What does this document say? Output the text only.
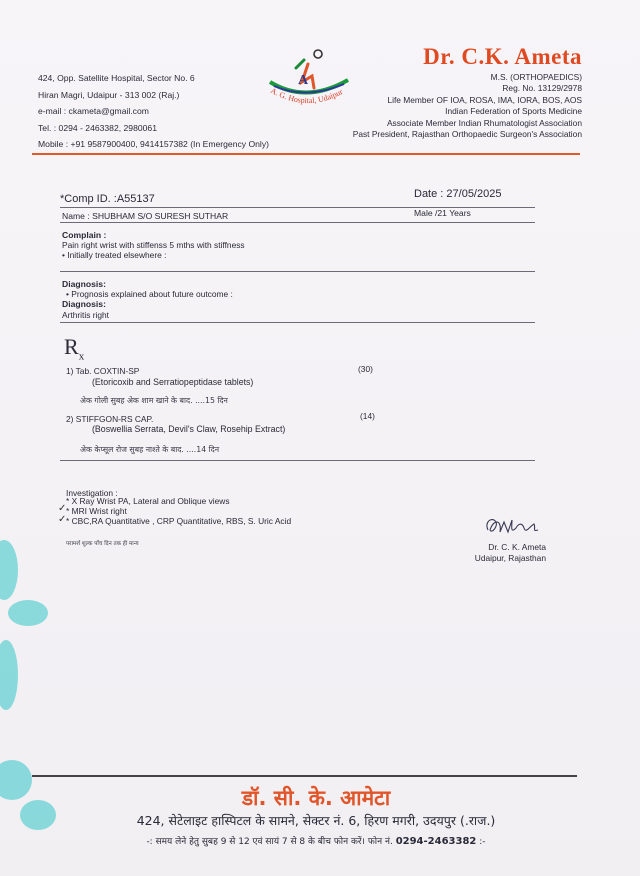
424, Opp. Satellite Hospital, Sector No. 6
Hiran Magri, Udaipur - 313 002 (Raj.)
e-mail : ckameta@gmail.com
Tel. : 0294 - 2463382, 2980061
Mobile : +91 9587900400, 9414157382 (In Emergency Only)
A
A. G. Hospital, Udaipur
Dr. C.K. Ameta
M.S. (ORTHOPAEDICS)
Reg. No. 13129/2978
Life Member OF IOA, ROSA, IMA, IORA, BOS, AOS
Indian Federation of Sports Medicine
Associate Member Indian Rhumatologist Association
Past President, Rajasthan Orthopaedic Surgeon's Association
*Comp ID. :A55137	Date : 27/05/2025
Name : SHUBHAM S/O SURESH SUTHAR	Male /21 Years
Complain :
Pain right wrist with stiffenss 5 mths with stiffness
• Initially treated elsewhere :
Diagnosis:
• Prognosis explained about future outcome :
Diagnosis:
Arthritis right
$R_x$
1) Tab. COXTIN-SP	(30)
(Etoricoxib and Serratiopeptidase tablets)
अेक गोली सुबह अेक शाम खाने के बाद. ....15 दिन
2) STIFFGON-RS CAP.	(14)
(Boswellia Serrata, Devil's Claw, Rosehip Extract)
अेक केप्सूल रोज सुबह नाश्ते के बाद. ....14 दिन
Investigation :
* X Ray Wrist PA, Lateral and Oblique views
* MRI Wrist right
* CBC,RA Quantitative , CRP Quantitative, RBS, S. Uric Acid
✓
✓
परामर्श शुल्क पाँच दिन तक ही मान्य	Dr. C. K. Ameta
Udaipur, Rajasthan
डॉ. सी. के. आमेटा
424, सेटेलाइट हास्पिटल के सामने, सेक्टर नं. 6, हिरण मगरी, उदयपुर (.राज.)
-: समय लेने हेतु सुबह 9 से 12 एवं सायं 7 से 8 के बीच फोन करें। फोन नं. 0294-2463382 :-
